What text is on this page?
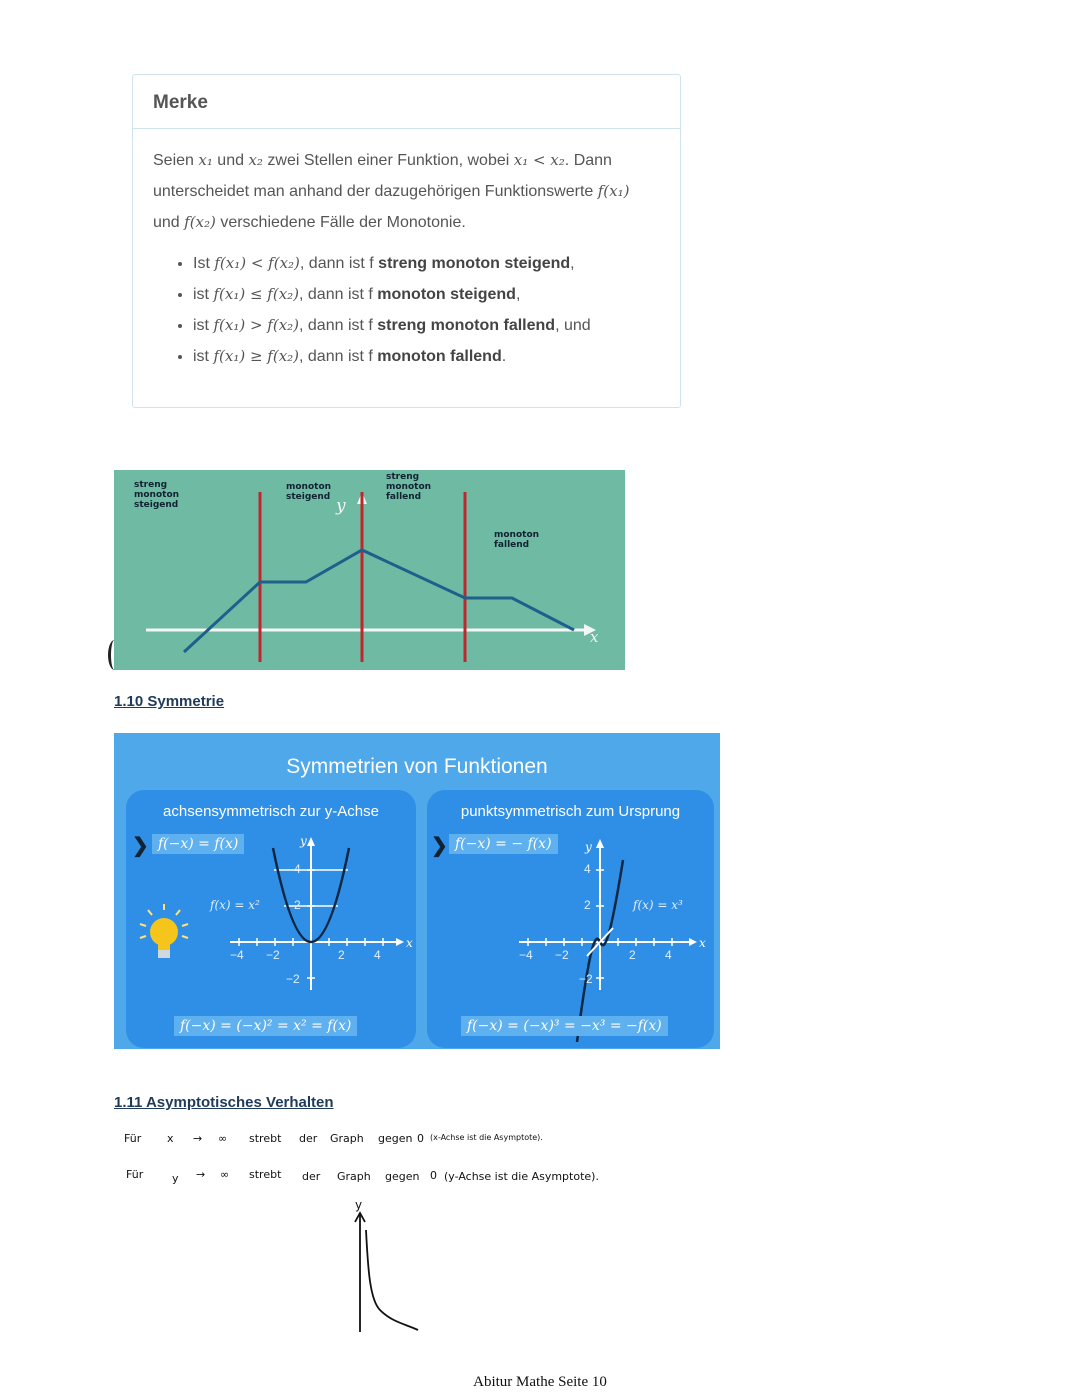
Merke
Seien x₁ und x₂ zwei Stellen einer Funktion, wobei x₁ < x₂. Dann unterscheidet man anhand der dazugehörigen Funktionswerte f(x₁) und f(x₂) verschiedene Fälle der Monotonie.
• Ist f(x₁) < f(x₂), dann ist f streng monoton steigend,
• ist f(x₁) ≤ f(x₂), dann ist f monoton steigend,
• ist f(x₁) > f(x₂), dann ist f streng monoton fallend, und
• ist f(x₁) ≥ f(x₂), dann ist f monoton fallend.
streng
monoton
steigend
monoton
steigend
streng
monoton
fallend
monoton
fallend
y
x
1.10 Symmetrie
Symmetrien von Funktionen
achsensymmetrisch zur y-Achse
❯ f(−x) = f(x)	y
x
f(x) = x²
−4 −2	2 4
4
2
−2
f(−x) = (−x)² = x² = f(x)
punktsymmetrisch zum Ursprung
❯ f(−x) = − f(x)	y
x
f(x) = x³
−4 −2	2 4
4
2
−2
f(−x) = (−x)³ = −x³ = −f(x)
1.11 Asymptotisches Verhalten
Für x → ∞ strebt der Graph gegen 0 (x-Achse ist die Asymptote).
Für	y → ∞ strebt der Graph gegen 0 (y-Achse ist die Asymptote).
y
Abitur Mathe Seite 10
